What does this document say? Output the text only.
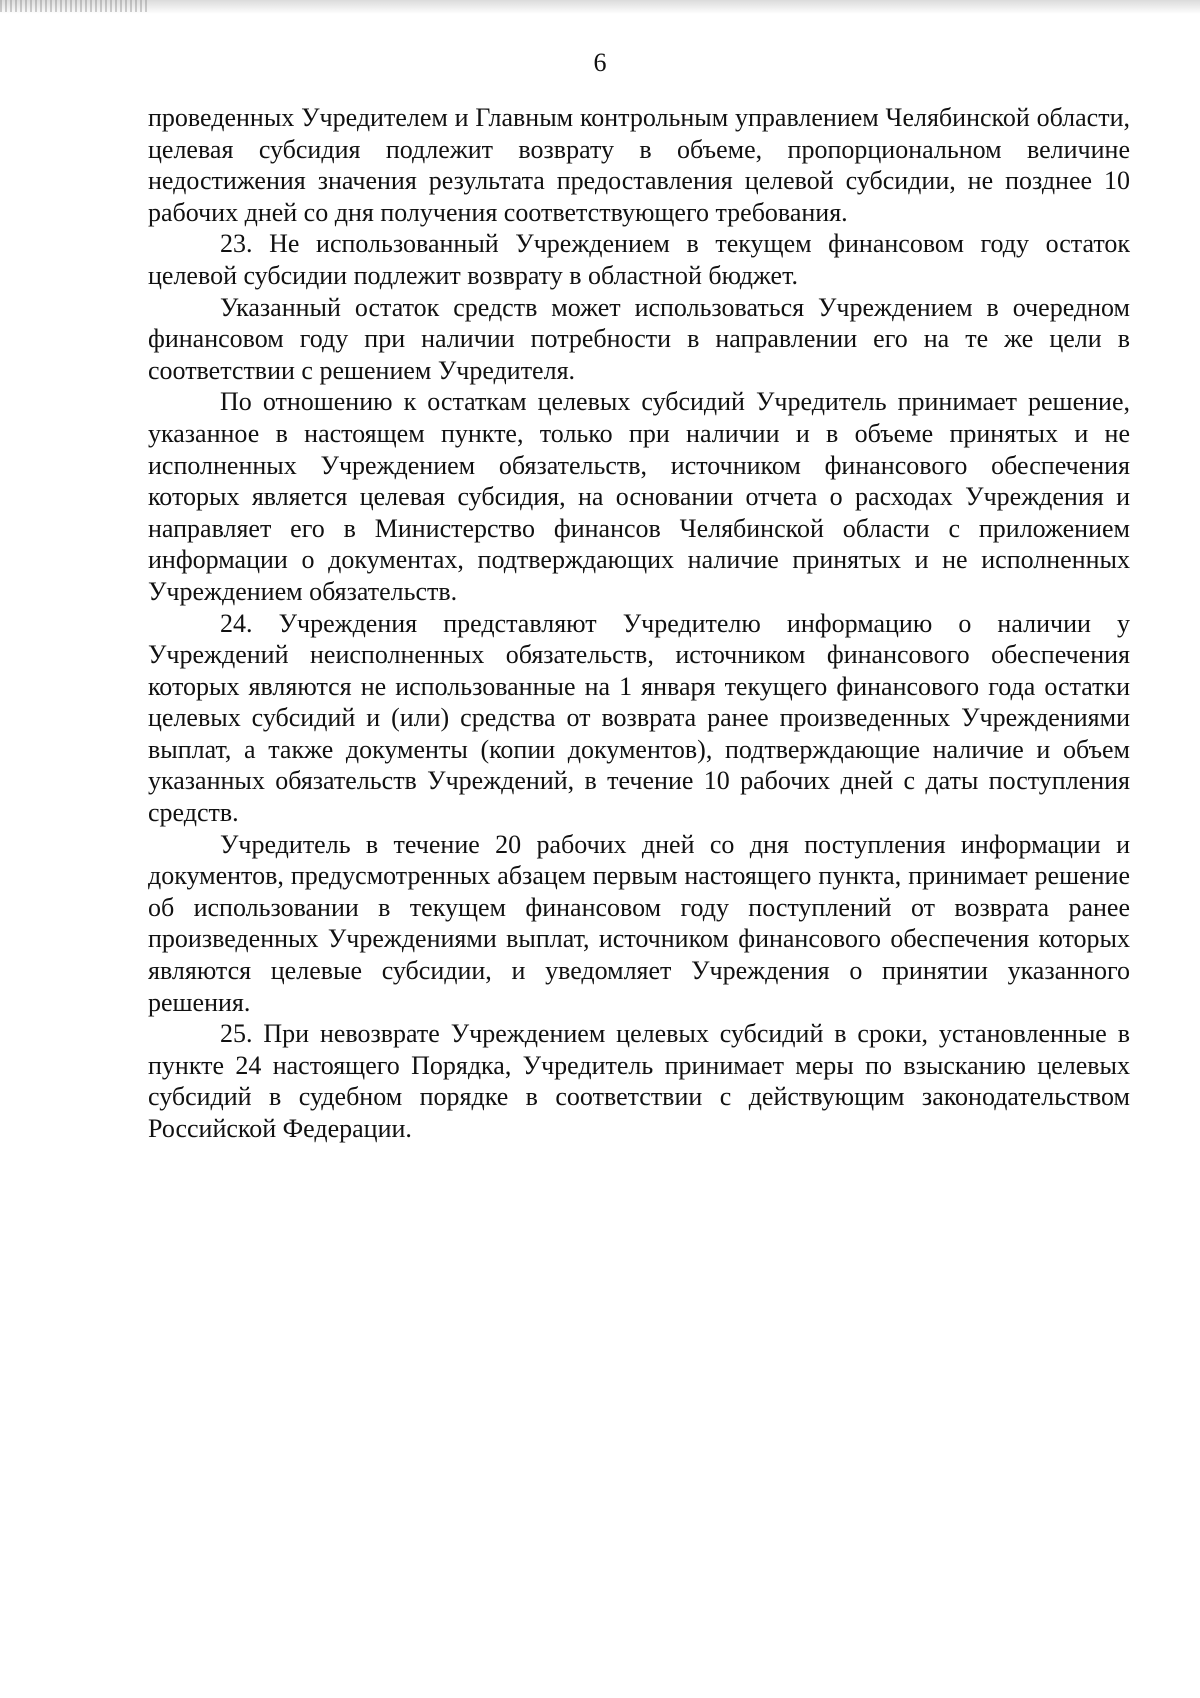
6

проведенных Учредителем и Главным контрольным управлением Челябинской области, целевая субсидия подлежит возврату в объеме, пропорциональном величине недостижения значения результата предоставления целевой субсидии, не позднее 10 рабочих дней со дня получения соответствующего требования.

23. Не использованный Учреждением в текущем финансовом году остаток целевой субсидии подлежит возврату в областной бюджет.

Указанный остаток средств может использоваться Учреждением в очередном финансовом году при наличии потребности в направлении его на те же цели в соответствии с решением Учредителя.

По отношению к остаткам целевых субсидий Учредитель принимает решение, указанное в настоящем пункте, только при наличии и в объеме принятых и не исполненных Учреждением обязательств, источником финансового обеспечения которых является целевая субсидия, на основании отчета о расходах Учреждения и направляет его в Министерство финансов Челябинской области с приложением информации о документах, подтверждающих наличие принятых и не исполненных Учреждением обязательств.

24. Учреждения представляют Учредителю информацию о наличии у Учреждений неисполненных обязательств, источником финансового обеспечения которых являются не использованные на 1 января текущего финансового года остатки целевых субсидий и (или) средства от возврата ранее произведенных Учреждениями выплат, а также документы (копии документов), подтверждающие наличие и объем указанных обязательств Учреждений, в течение 10 рабочих дней с даты поступления средств.

Учредитель в течение 20 рабочих дней со дня поступления информации и документов, предусмотренных абзацем первым настоящего пункта, принимает решение об использовании в текущем финансовом году поступлений от возврата ранее произведенных Учреждениями выплат, источником финансового обеспечения которых являются целевые субсидии, и уведомляет Учреждения о принятии указанного решения.

25. При невозврате Учреждением целевых субсидий в сроки, установленные в пункте 24 настоящего Порядка, Учредитель принимает меры по взысканию целевых субсидий в судебном порядке в соответствии с действующим законодательством Российской Федерации.
